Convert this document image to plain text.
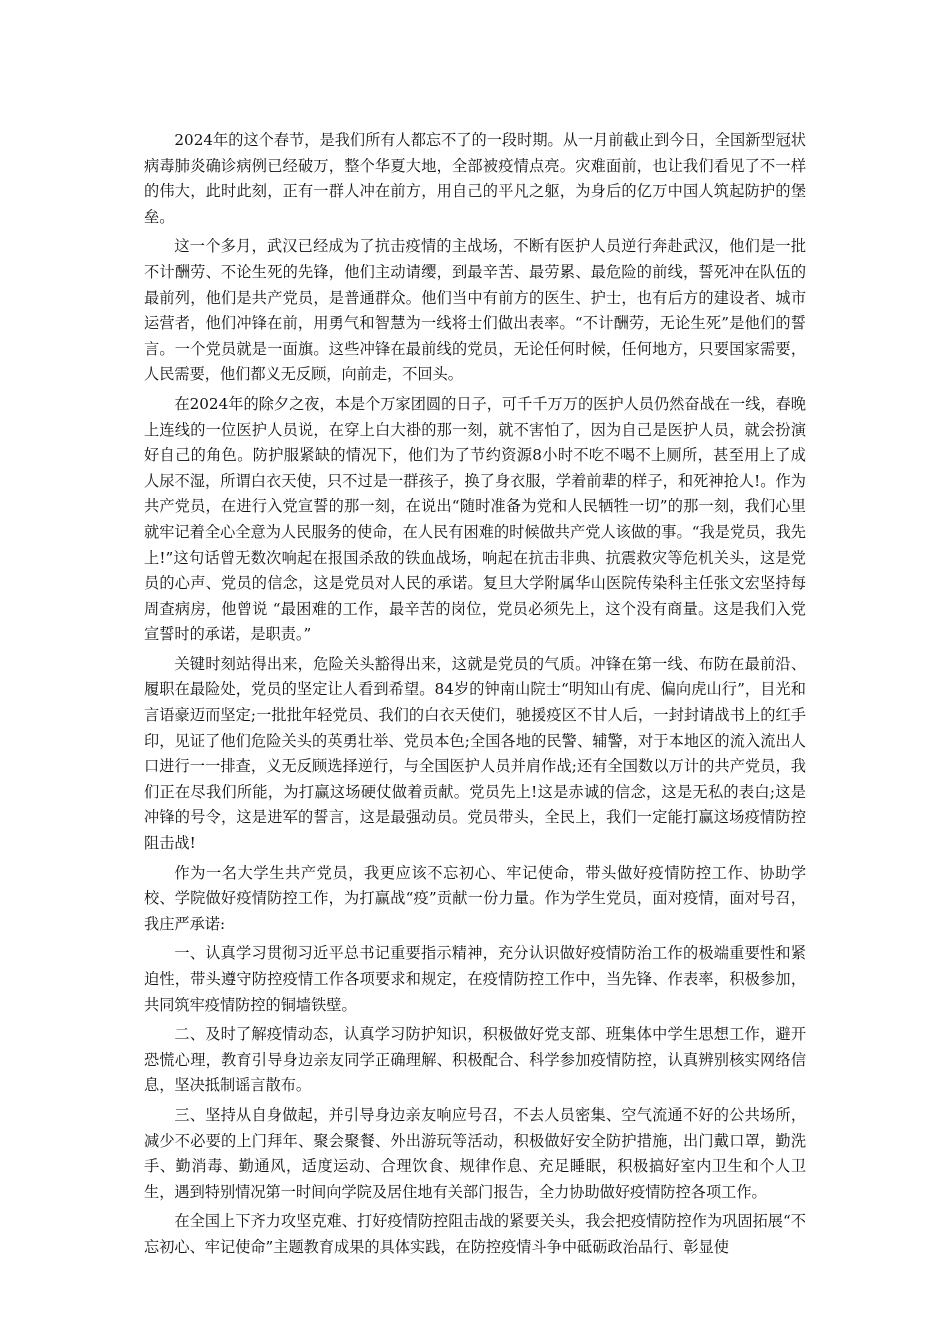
2024年的这个春节，是我们所有人都忘不了的一段时期。从一月前截止到今日，全国新型冠状病毒肺炎确诊病例已经破万，整个华夏大地，全部被疫情点亮。灾难面前，也让我们看见了不一样的伟大，此时此刻，正有一群人冲在前方，用自己的平凡之躯，为身后的亿万中国人筑起防护的堡垒。

这一个多月，武汉已经成为了抗击疫情的主战场，不断有医护人员逆行奔赴武汉，他们是一批不计酬劳、不论生死的先锋，他们主动请缨，到最辛苦、最劳累、最危险的前线，誓死冲在队伍的最前列，他们是共产党员，是普通群众。他们当中有前方的医生、护士，也有后方的建设者、城市运营者，他们冲锋在前，用勇气和智慧为一线将士们做出表率。“不计酬劳，无论生死”是他们的誓言。一个党员就是一面旗。这些冲锋在最前线的党员，无论任何时候，任何地方，只要国家需要，人民需要，他们都义无反顾，向前走，不回头。

在2024年的除夕之夜，本是个万家团圆的日子，可千千万万的医护人员仍然奋战在一线，春晚上连线的一位医护人员说，在穿上白大褂的那一刻，就不害怕了，因为自己是医护人员，就会扮演好自己的角色。防护服紧缺的情况下，他们为了节约资源8小时不吃不喝不上厕所，甚至用上了成人尿不湿，所谓白衣天使，只不过是一群孩子，换了身衣服，学着前辈的样子，和死神抢人!。作为共产党员，在进行入党宣誓的那一刻，在说出“随时准备为党和人民牺牲一切”的那一刻，我们心里就牢记着全心全意为人民服务的使命，在人民有困难的时候做共产党人该做的事。“我是党员，我先上!”这句话曾无数次响起在报国杀敌的铁血战场，响起在抗击非典、抗震救灾等危机关头，这是党员的心声、党员的信念，这是党员对人民的承诺。复旦大学附属华山医院传染科主任张文宏坚持每周查病房，他曾说 “最困难的工作，最辛苦的岗位，党员必须先上，这个没有商量。这是我们入党宣誓时的承诺，是职责。”

关键时刻站得出来，危险关头豁得出来，这就是党员的气质。冲锋在第一线、布防在最前沿、履职在最险处，党员的坚定让人看到希望。84岁的钟南山院士“明知山有虎、偏向虎山行”，目光和言语豪迈而坚定;一批批年轻党员、我们的白衣天使们，驰援疫区不甘人后，一封封请战书上的红手印，见证了他们危险关头的英勇壮举、党员本色;全国各地的民警、辅警，对于本地区的流入流出人口进行一一排查，义无反顾选择逆行，与全国医护人员并肩作战;还有全国数以万计的共产党员，我们正在尽我们所能，为打赢这场硬仗做着贡献。党员先上!这是赤诚的信念，这是无私的表白;这是冲锋的号令，这是进军的誓言，这是最强动员。党员带头，全民上，我们一定能打赢这场疫情防控阻击战!

作为一名大学生共产党员，我更应该不忘初心、牢记使命，带头做好疫情防控工作、协助学校、学院做好疫情防控工作，为打赢战“疫”贡献一份力量。作为学生党员，面对疫情，面对号召，我庄严承诺:

一、认真学习贯彻习近平总书记重要指示精神，充分认识做好疫情防治工作的极端重要性和紧迫性，带头遵守防控疫情工作各项要求和规定，在疫情防控工作中，当先锋、作表率，积极参加，共同筑牢疫情防控的铜墙铁壁。

二、及时了解疫情动态，认真学习防护知识，积极做好党支部、班集体中学生思想工作，避开恐慌心理，教育引导身边亲友同学正确理解、积极配合、科学参加疫情防控，认真辨别核实网络信息，坚决抵制谣言散布。

三、坚持从自身做起，并引导身边亲友响应号召，不去人员密集、空气流通不好的公共场所，减少不必要的上门拜年、聚会聚餐、外出游玩等活动，积极做好安全防护措施，出门戴口罩，勤洗手、勤消毒、勤通风，适度运动、合理饮食、规律作息、充足睡眠，积极搞好室内卫生和个人卫生，遇到特别情况第一时间向学院及居住地有关部门报告，全力协助做好疫情防控各项工作。

在全国上下齐力攻坚克难、打好疫情防控阻击战的紧要关头，我会把疫情防控作为巩固拓展“不忘初心、牢记使命”主题教育成果的具体实践，在防控疫情斗争中砥砺政治品行、彰显使
